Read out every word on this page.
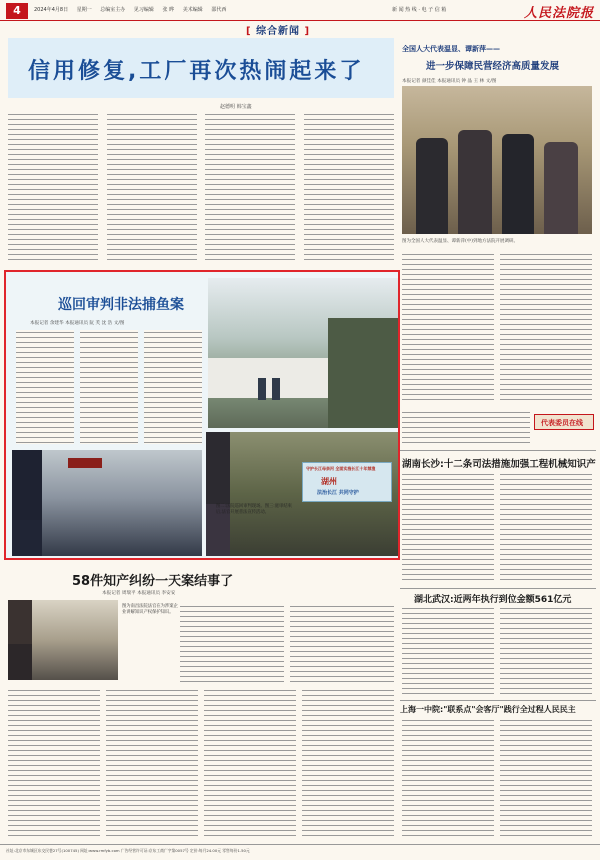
4	2024年4月8日 星期一 总编室主办 见习编辑 张 晔 美术编辑 邵代西	新 闻 热 线 · 电 子 信 箱	人民法院报
[ 综合新闻 ]
信用修复,工厂再次热闹起来了
赵德明 韩宝鑫
全国人大代表温显、谭新萍——
进一步保障民营经济高质量发展
本报记者 颜佳佳 本报通讯员 钟 晶 王 林 文/图
图为全国人大代表温显、谭新萍(中)到地方法院开展调研。
巡回审判非法捕鱼案
本报记者 余建华 本报通讯员 阮 芙 沈 浩 文/图
图二:法院巡回审判现场。图三:庭审结束后,法官开展普法宣传活动。
守护长江母亲河 全面实施长江十年禁渔
湖州
法治长江 共同守护
58件知产纠纷一天案结事了
本报记者 周瑞平 本报通讯员 李安安
图为南昌法院法官在为涉案企业讲解知识产权保护知识。
代表委员在线
湖南长沙:十二条司法措施加强工程机械知识产
湖北武汉:近两年执行到位金额561亿元
上海一中院:"联系点"会客厅"践行全过程人民民主
社址:北京市东城区东交民巷27号(100745) 网址:www.rmfyb.com 广告经营许可证:京东工商广字第0057号 定价:每月24.00元 零售每份1.50元
